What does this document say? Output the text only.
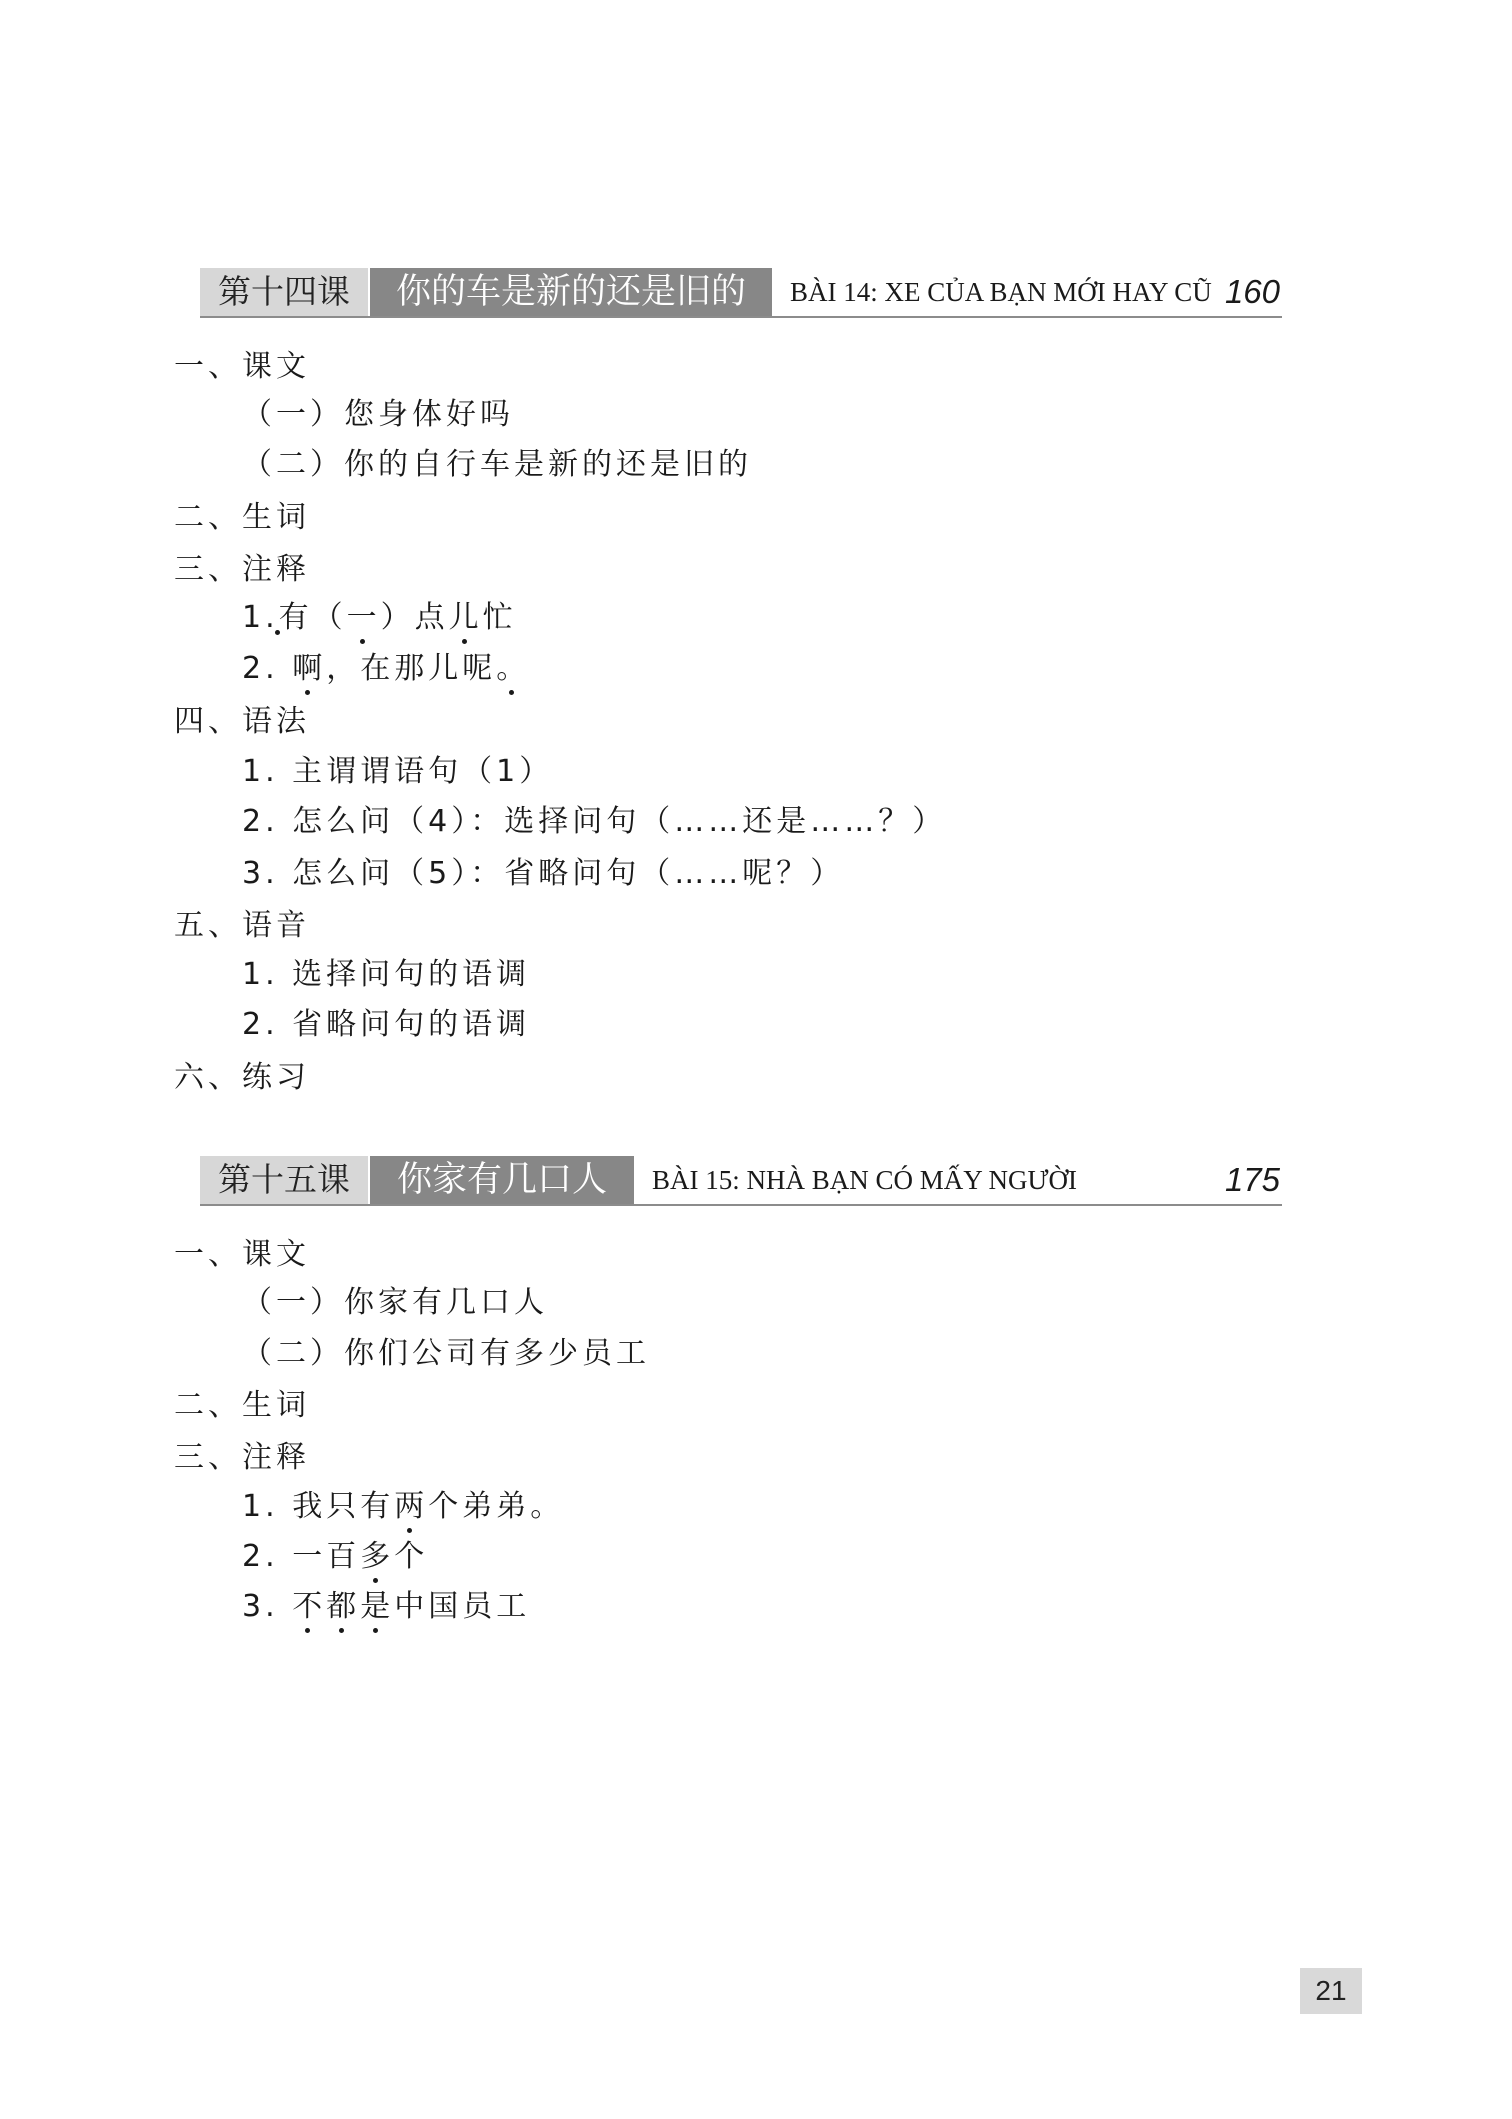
第十四课	你的车是新的还是旧的	BÀI 14: XE CỦA BẠN MỚI HAY CŨ 160
一、课文
（一）您身体好吗
（二）你的自行车是新的还是旧的
二、生词
三、注释
1.有（一）点儿忙
2. 啊，在那儿呢。
四、语法
1. 主谓谓语句（1）
2. 怎么问（4）：选择问句（……还是……？）
3. 怎么问（5）：省略问句（……呢？）
五、语音
1. 选择问句的语调
2. 省略问句的语调
六、练习
第十五课	你家有几口人	BÀI 15: NHÀ BẠN CÓ MẤY NGƯỜI	175
一、课文
（一）你家有几口人
（二）你们公司有多少员工
二、生词
三、注释
1. 我只有两个弟弟。
2. 一百多个
3. 不都是中国员工
21
